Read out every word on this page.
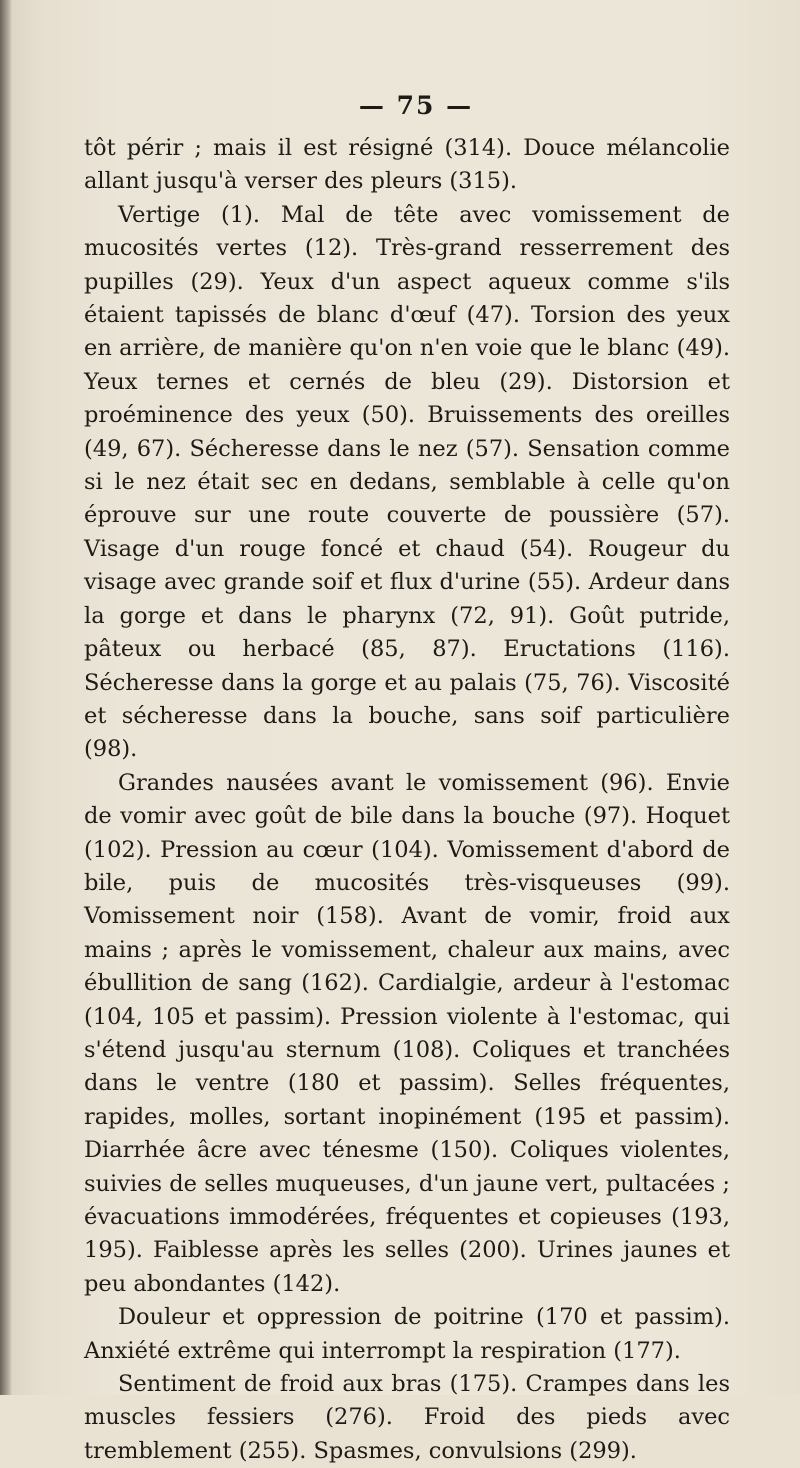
— 75 —

tôt périr ; mais il est résigné (314). Douce mélancolie allant jusqu'à verser des pleurs (315).

Vertige (1). Mal de tête avec vomissement de mucosités vertes (12). Très-grand resserrement des pupilles (29). Yeux d'un aspect aqueux comme s'ils étaient tapissés de blanc d'œuf (47). Torsion des yeux en arrière, de manière qu'on n'en voie que le blanc (49). Yeux ternes et cernés de bleu (29). Distorsion et proéminence des yeux (50). Bruissements des oreilles (49, 67). Sécheresse dans le nez (57). Sensation comme si le nez était sec en dedans, semblable à celle qu'on éprouve sur une route couverte de poussière (57). Visage d'un rouge foncé et chaud (54). Rougeur du visage avec grande soif et flux d'urine (55). Ardeur dans la gorge et dans le pharynx (72, 91). Goût putride, pâteux ou herbacé (85, 87). Eructations (116). Sécheresse dans la gorge et au palais (75, 76). Viscosité et sécheresse dans la bouche, sans soif particulière (98).

Grandes nausées avant le vomissement (96). Envie de vomir avec goût de bile dans la bouche (97). Hoquet (102). Pression au cœur (104). Vomissement d'abord de bile, puis de mucosités très-visqueuses (99). Vomissement noir (158). Avant de vomir, froid aux mains ; après le vomissement, chaleur aux mains, avec ébullition de sang (162). Cardialgie, ardeur à l'estomac (104, 105 et passim). Pression violente à l'estomac, qui s'étend jusqu'au sternum (108). Coliques et tranchées dans le ventre (180 et passim). Selles fréquentes, rapides, molles, sortant inopinément (195 et passim). Diarrhée âcre avec ténesme (150). Coliques violentes, suivies de selles muqueuses, d'un jaune vert, pultacées ; évacuations immodérées, fréquentes et copieuses (193, 195). Faiblesse après les selles (200). Urines jaunes et peu abondantes (142).

Douleur et oppression de poitrine (170 et passim). Anxiété extrême qui interrompt la respiration (177).

Sentiment de froid aux bras (175). Crampes dans les muscles fessiers (276). Froid des pieds avec tremblement (255). Spasmes, convulsions (299).
